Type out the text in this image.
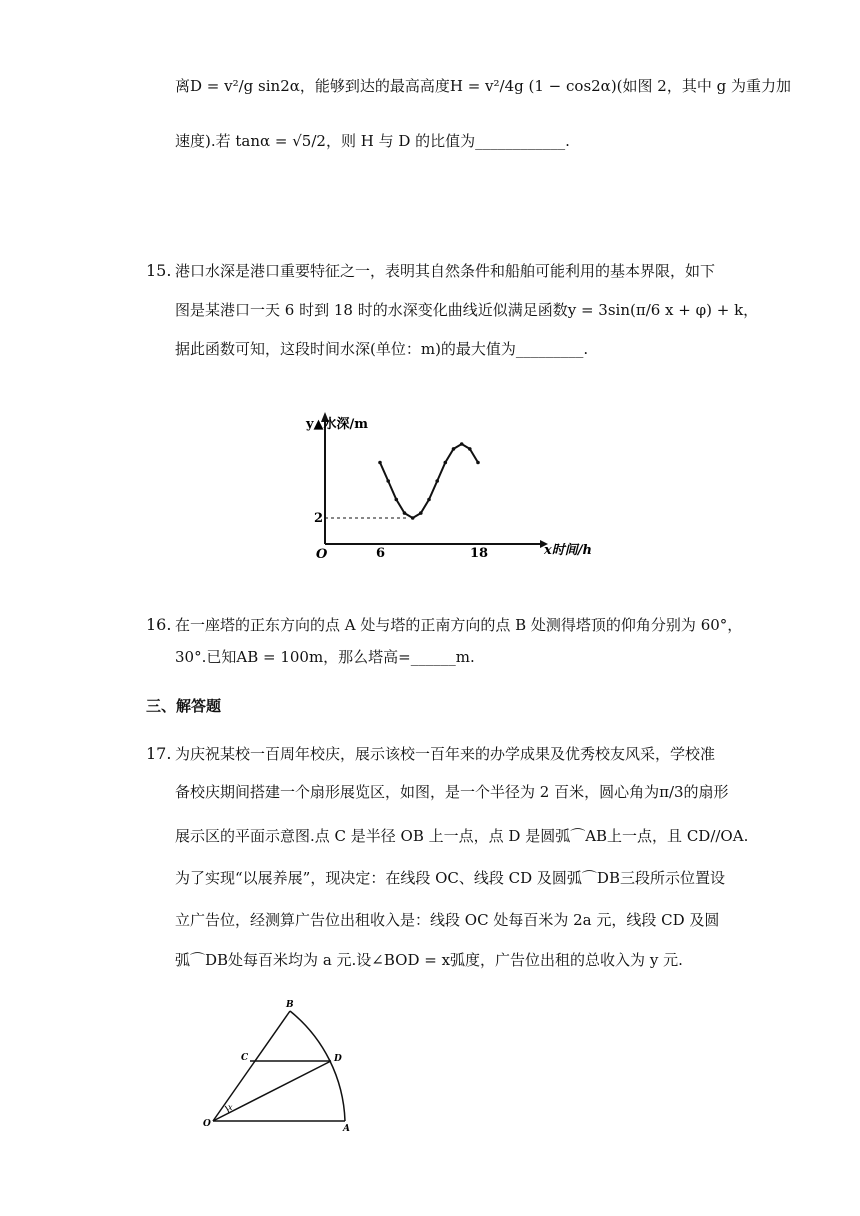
离D = v²/g sin2α，能够到达的最高高度H = v²/4g (1 − cos2α)(如图 2，其中 g 为重力加
速度).若 tanα = √5/2，则 H 与 D 的比值为____________.
15. 港口水深是港口重要特征之一，表明其自然条件和船舶可能利用的基本界限，如下
图是某港口一天 6 时到 18 时的水深变化曲线近似满足函数y = 3sin(π/6 x + φ) + k，
据此函数可知，这段时间水深(单位：m)的最大值为_________.
y▲水深/m
x时间/h
O	6	18
2
16. 在一座塔的正东方向的点 A 处与塔的正南方向的点 B 处测得塔顶的仰角分别为 60°，
30°.已知AB = 100m，那么塔高=______m.
三、解答题
17. 为庆祝某校一百周年校庆，展示该校一百年来的办学成果及优秀校友风采，学校准
备校庆期间搭建一个扇形展览区，如图，是一个半径为 2 百米，圆心角为π/3的扇形
展示区的平面示意图.点 C 是半径 OB 上一点，点 D 是圆弧⌒AB上一点，且 CD//OA.
为了实现“以展养展”，现决定：在线段 OC、线段 CD 及圆弧⌒DB三段所示位置设
立广告位，经测算广告位出租收入是：线段 OC 处每百米为 2a 元，线段 CD 及圆
弧⌒DB处每百米均为 a 元.设∠BOD = x弧度，广告位出租的总收入为 y 元.
B
C	D
O	A
x
